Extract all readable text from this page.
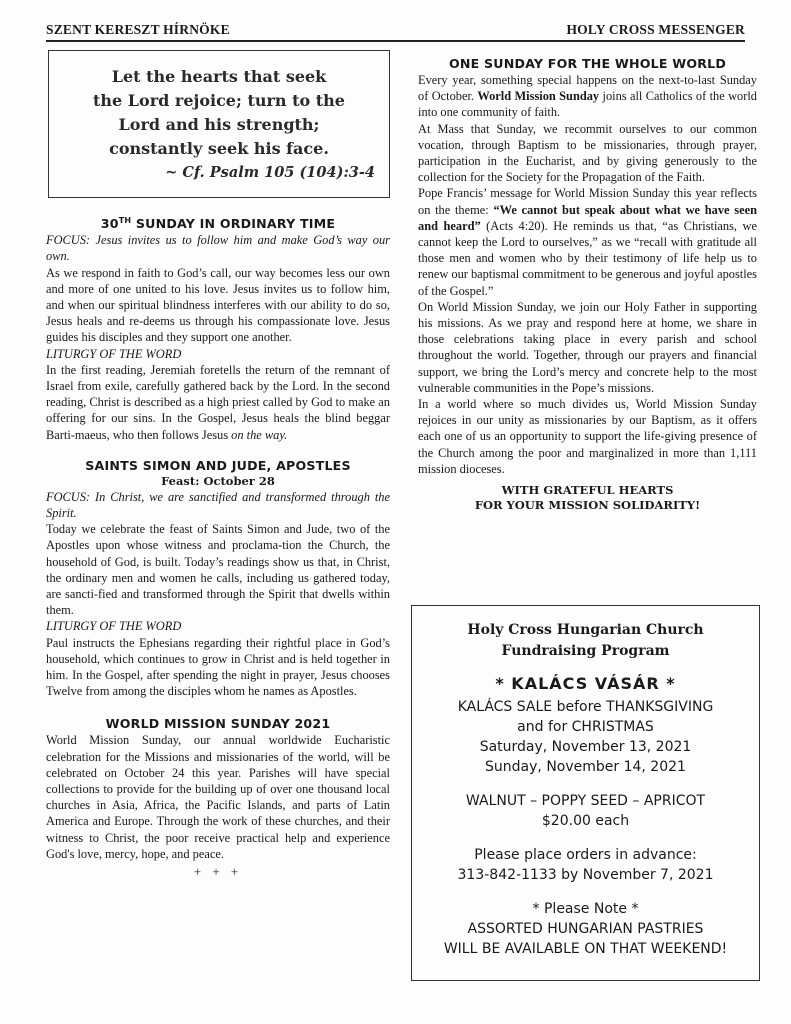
SZENT KERESZT HÍRNÖKE	HOLY CROSS MESSENGER
Let the hearts that seek
the Lord rejoice; turn to the
Lord and his strength;
constantly seek his face.
~ Cf. Psalm 105 (104):3-4
30TH SUNDAY IN ORDINARY TIME

FOCUS: Jesus invites us to follow him and make God’s way our own.

As we respond in faith to God’s call, our way becomes less our own and more of one united to his love. Jesus invites us to follow him, and when our spiritual blindness interferes with our ability to do so, Jesus heals and re-deems us through his compassionate love. Jesus guides his disciples and they support one another.

LITURGY OF THE WORD

In the first reading, Jeremiah foretells the return of the remnant of Israel from exile, carefully gathered back by the Lord. In the second reading, Christ is described as a high priest called by God to make an offering for our sins. In the Gospel, Jesus heals the blind beggar Barti-maeus, who then follows Jesus on the way.

SAINTS SIMON AND JUDE, APOSTLES
Feast: October 28

FOCUS: In Christ, we are sanctified and transformed through the Spirit.

Today we celebrate the feast of Saints Simon and Jude, two of the Apostles upon whose witness and proclama-tion the Church, the household of God, is built. Today’s readings show us that, in Christ, the ordinary men and women he calls, including us gathered today, are sancti-fied and transformed through the Spirit that dwells within them.

LITURGY OF THE WORD

Paul instructs the Ephesians regarding their rightful place in God’s household, which continues to grow in Christ and is held together in him. In the Gospel, after spending the night in prayer, Jesus chooses Twelve from among the disciples whom he names as Apostles.

WORLD MISSION SUNDAY 2021

World Mission Sunday, our annual worldwide Eucharistic celebration for the Missions and missionaries of the world, will be celebrated on October 24 this year. Parishes will have special collections to provide for the building up of over one thousand local churches in Asia, Africa, the Pacific Islands, and parts of Latin America and Europe. Through the work of these churches, and their witness to Christ, the poor receive practical help and experience God's love, mercy, hope, and peace.

+ + +
ONE SUNDAY FOR THE WHOLE WORLD

Every year, something special happens on the next-to-last Sunday of October. World Mission Sunday joins all Catholics of the world into one community of faith.

At Mass that Sunday, we recommit ourselves to our common vocation, through Baptism to be missionaries, through prayer, participation in the Eucharist, and by giving generously to the collection for the Society for the Propagation of the Faith.

Pope Francis’ message for World Mission Sunday this year reflects on the theme: “We cannot but speak about what we have seen and heard” (Acts 4:20). He reminds us that, “as Christians, we cannot keep the Lord to ourselves,” as we “recall with gratitude all those men and women who by their testimony of life help us to renew our baptismal commitment to be generous and joyful apostles of the Gospel.”

On World Mission Sunday, we join our Holy Father in supporting his missions. As we pray and respond here at home, we share in those celebrations taking place in every parish and school throughout the world. Together, through our prayers and financial support, we bring the Lord’s mercy and concrete help to the most vulnerable communities in the Pope’s missions.

In a world where so much divides us, World Mission Sunday rejoices in our unity as missionaries by our Baptism, as it offers each one of us an opportunity to support the life-giving presence of the Church among the poor and marginalized in more than 1,111 mission dioceses.

WITH GRATEFUL HEARTS
FOR YOUR MISSION SOLIDARITY!
Holy Cross Hungarian Church
Fundraising Program
* KALÁCS VÁSÁR *
KALÁCS SALE before THANKSGIVING
and for CHRISTMAS
Saturday, November 13, 2021
Sunday, November 14, 2021
WALNUT – POPPY SEED – APRICOT
$20.00 each
Please place orders in advance:
313-842-1133 by November 7, 2021
* Please Note *
ASSORTED HUNGARIAN PASTRIES
WILL BE AVAILABLE ON THAT WEEKEND!
